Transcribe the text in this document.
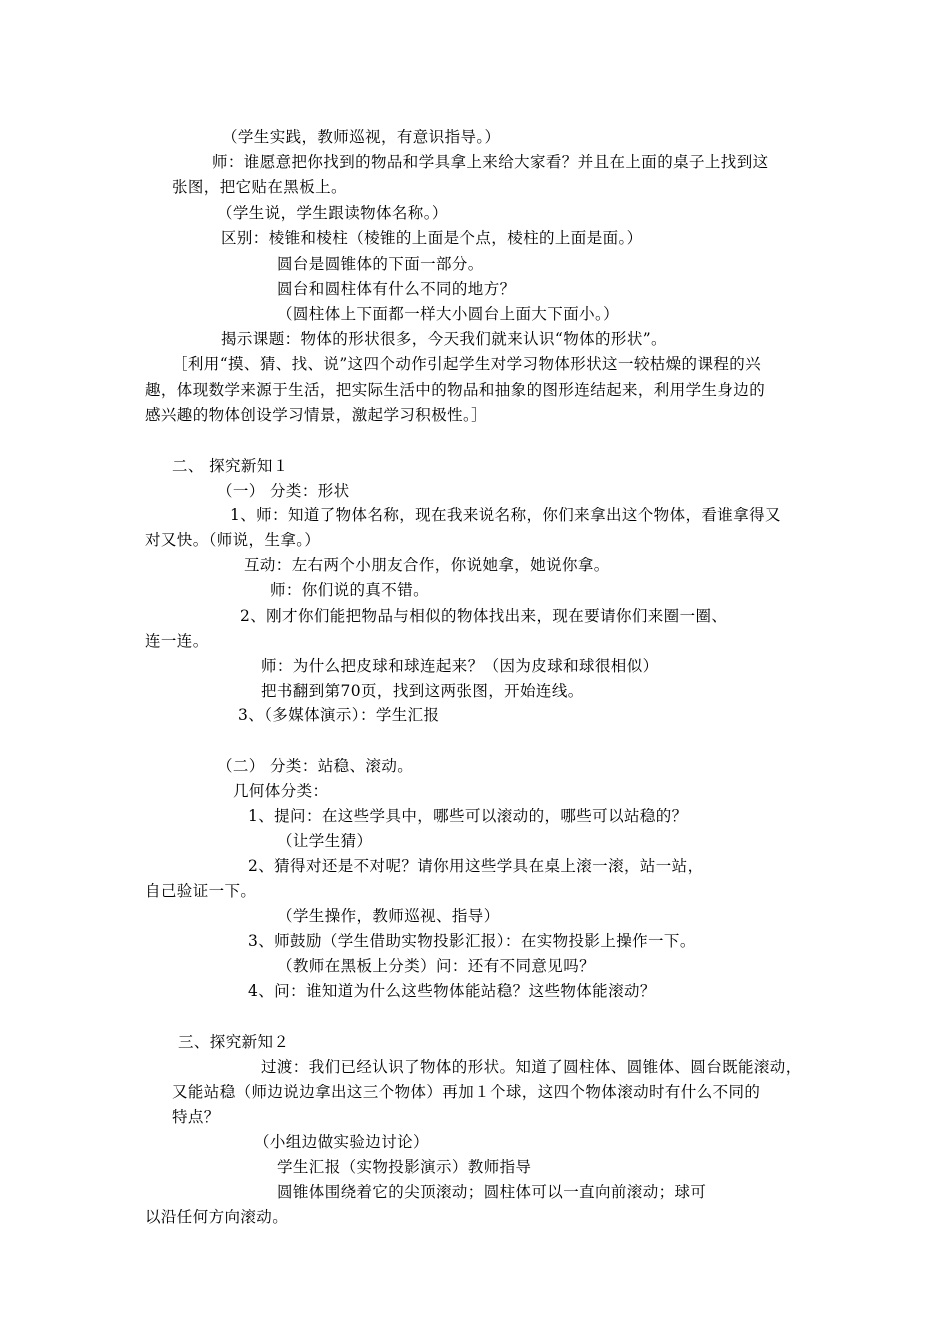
（学生实践，教师巡视，有意识指导。）
师：谁愿意把你找到的物品和学具拿上来给大家看？并且在上面的桌子上找到这
张图，把它贴在黑板上。
（学生说，学生跟读物体名称。）
区别：棱锥和棱柱（棱锥的上面是个点，棱柱的上面是面。）
圆台是圆锥体的下面一部分。
圆台和圆柱体有什么不同的地方？
（圆柱体上下面都一样大小圆台上面大下面小。）
揭示课题：物体的形状很多，今天我们就来认识“物体的形状”。
［利用“摸、猜、找、说”这四个动作引起学生对学习物体形状这一较枯燥的课程的兴
趣，体现数学来源于生活，把实际生活中的物品和抽象的图形连结起来，利用学生身边的
感兴趣的物体创设学习情景，激起学习积极性。］
二、 探究新知１
（一） 分类：形状
1、师：知道了物体名称，现在我来说名称，你们来拿出这个物体，看谁拿得又
对又快。（师说，生拿。）
互动：左右两个小朋友合作，你说她拿，她说你拿。
师：你们说的真不错。
2、刚才你们能把物品与相似的物体找出来，现在要请你们来圈一圈、
连一连。
师：为什么把皮球和球连起来？（因为皮球和球很相似）
把书翻到第70页，找到这两张图，开始连线。
3、（多媒体演示）：学生汇报
（二） 分类：站稳、滚动。
几何体分类：
1、提问：在这些学具中，哪些可以滚动的，哪些可以站稳的？
（让学生猜）
2、猜得对还是不对呢？请你用这些学具在桌上滚一滚，站一站，
自己验证一下。
（学生操作，教师巡视、指导）
3、师鼓励（学生借助实物投影汇报）：在实物投影上操作一下。
（教师在黑板上分类）问：还有不同意见吗？
4、问：谁知道为什么这些物体能站稳？这些物体能滚动？
三、探究新知２
过渡：我们已经认识了物体的形状。知道了圆柱体、圆锥体、圆台既能滚动，
又能站稳（师边说边拿出这三个物体）再加１个球，这四个物体滚动时有什么不同的
特点？
（小组边做实验边讨论）
学生汇报（实物投影演示）教师指导
圆锥体围绕着它的尖顶滚动；圆柱体可以一直向前滚动；球可
以沿任何方向滚动。
